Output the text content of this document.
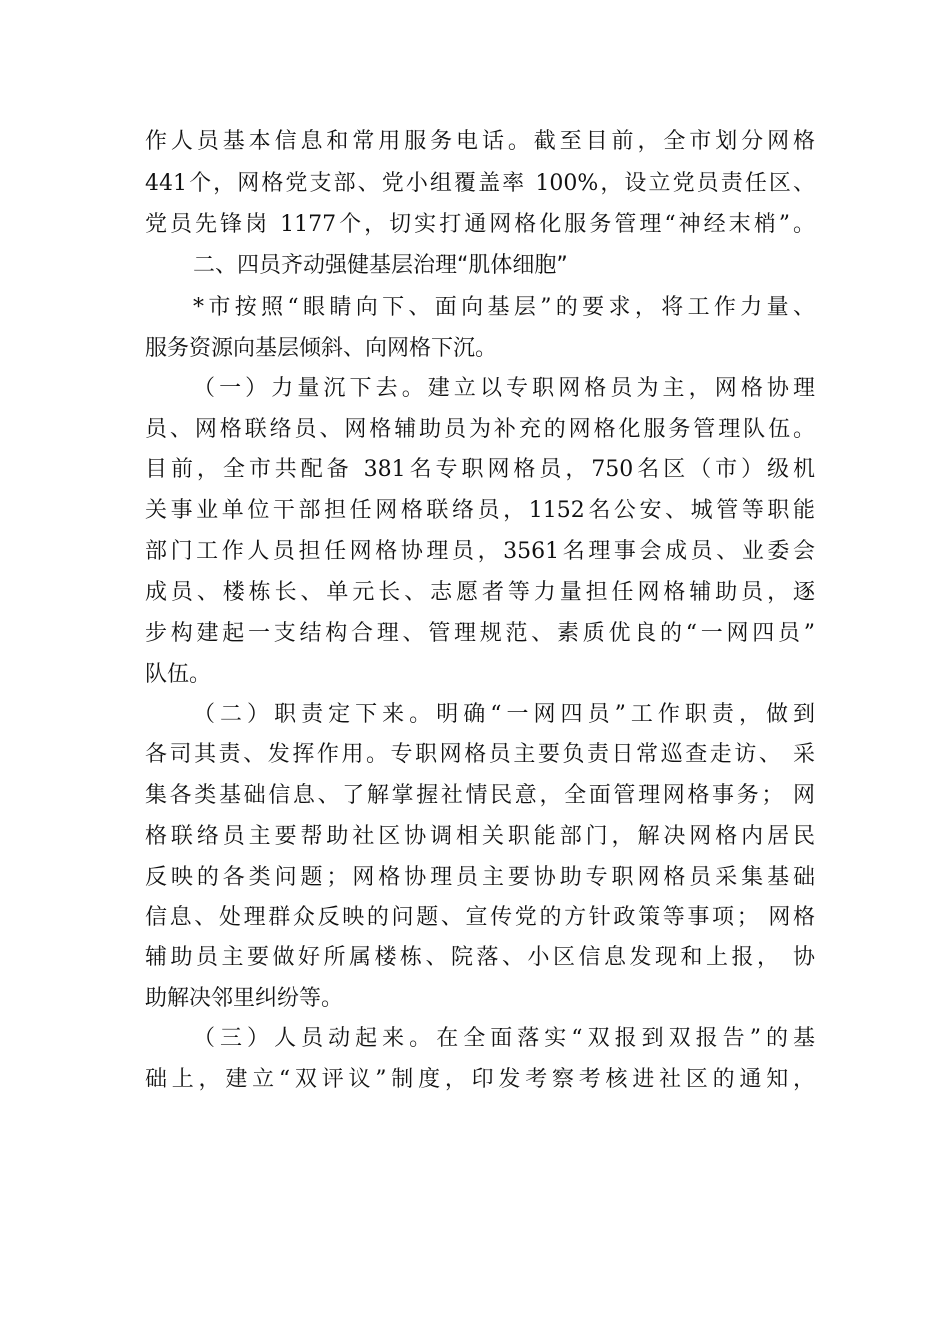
作人员基本信息和常用服务电话。截至目前，全市划分网格
441个，网格党支部、党小组覆盖率 100%，设立党员责任区、
党员先锋岗 1177个，切实打通网格化服务管理“神经末梢”。
二、四员齐动强健基层治理“肌体细胞”
*市按照“眼睛向下、面向基层”的要求，将工作力量、
服务资源向基层倾斜、向网格下沉。
（一）力量沉下去。建立以专职网格员为主，网格协理
员、网格联络员、网格辅助员为补充的网格化服务管理队伍。
目前，全市共配备 381名专职网格员，750名区（市）级机
关事业单位干部担任网格联络员，1152名公安、城管等职能
部门工作人员担任网格协理员，3561名理事会成员、业委会
成员、楼栋长、单元长、志愿者等力量担任网格辅助员，逐
步构建起一支结构合理、管理规范、素质优良的“一网四员”
队伍。
（二）职责定下来。明确“一网四员”工作职责，做到
各司其责、发挥作用。专职网格员主要负责日常巡查走访、 采
集各类基础信息、了解掌握社情民意，全面管理网格事务； 网
格联络员主要帮助社区协调相关职能部门，解决网格内居民
反映的各类问题；网格协理员主要协助专职网格员采集基础
信息、处理群众反映的问题、宣传党的方针政策等事项； 网格
辅助员主要做好所属楼栋、院落、小区信息发现和上报， 协
助解决邻里纠纷等。
（三）人员动起来。在全面落实“双报到双报告”的基
础上，建立“双评议”制度，印发考察考核进社区的通知，
